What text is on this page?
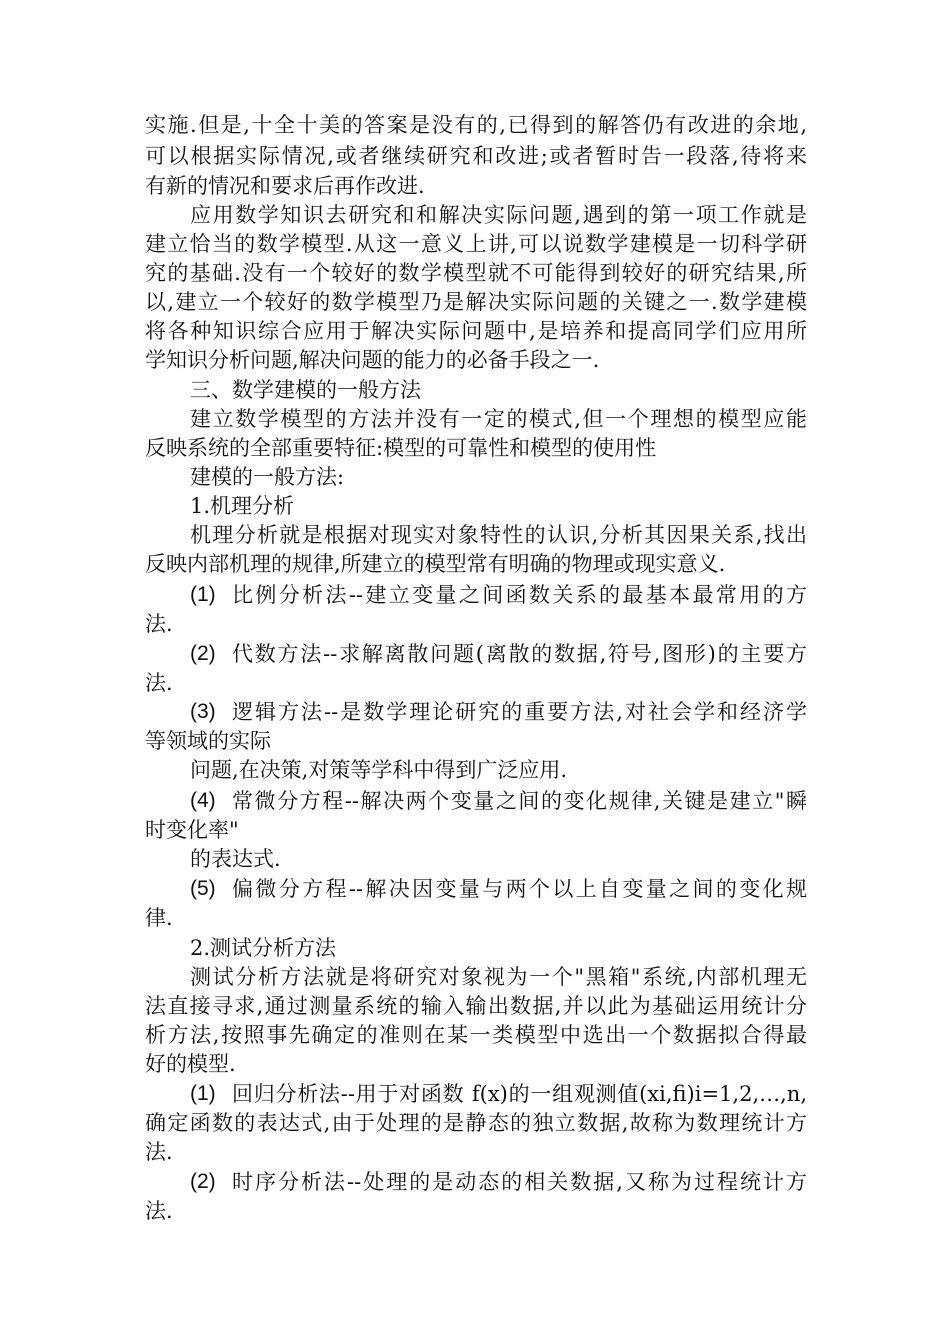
实施.但是,十全十美的答案是没有的,已得到的解答仍有改进的余地,

可以根据实际情况,或者继续研究和改进;或者暂时告一段落,待将来

有新的情况和要求后再作改进.

应用数学知识去研究和和解决实际问题,遇到的第一项工作就是

建立恰当的数学模型.从这一意义上讲,可以说数学建模是一切科学研

究的基础.没有一个较好的数学模型就不可能得到较好的研究结果,所

以,建立一个较好的数学模型乃是解决实际问题的关键之一.数学建模

将各种知识综合应用于解决实际问题中,是培养和提高同学们应用所

学知识分析问题,解决问题的能力的必备手段之一.

三、数学建模的一般方法

建立数学模型的方法并没有一定的模式,但一个理想的模型应能

反映系统的全部重要特征:模型的可靠性和模型的使用性

建模的一般方法:

1.机理分析

机理分析就是根据对现实对象特性的认识,分析其因果关系,找出

反映内部机理的规律,所建立的模型常有明确的物理或现实意义.

(1) 比例分析法--建立变量之间函数关系的最基本最常用的方

法.

(2) 代数方法--求解离散问题(离散的数据,符号,图形)的主要方

法.

(3) 逻辑方法--是数学理论研究的重要方法,对社会学和经济学

等领域的实际

问题,在决策,对策等学科中得到广泛应用.

(4) 常微分方程--解决两个变量之间的变化规律,关键是建立"瞬

时变化率"

的表达式.

(5) 偏微分方程--解决因变量与两个以上自变量之间的变化规

律.

2.测试分析方法

测试分析方法就是将研究对象视为一个"黑箱"系统,内部机理无

法直接寻求,通过测量系统的输入输出数据,并以此为基础运用统计分

析方法,按照事先确定的准则在某一类模型中选出一个数据拟合得最

好的模型.

(1) 回归分析法--用于对函数 f(x)的一组观测值(xi,fi)i=1,2,…,n,

确定函数的表达式,由于处理的是静态的独立数据,故称为数理统计方

法.

(2) 时序分析法--处理的是动态的相关数据,又称为过程统计方

法.
